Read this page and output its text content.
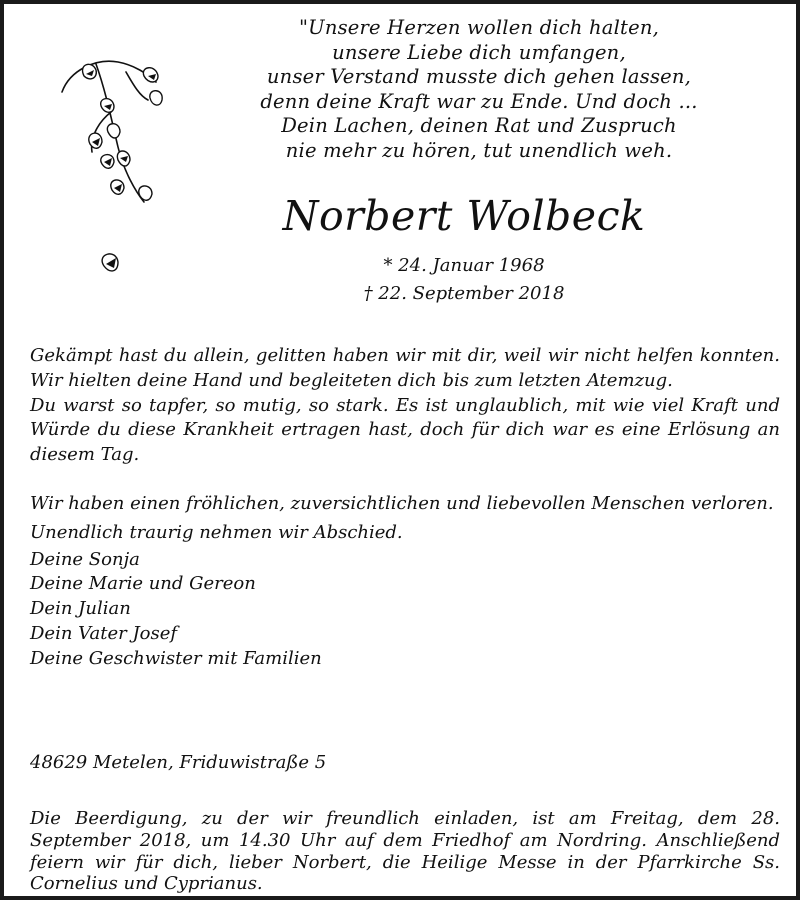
"Unsere Herzen wollen dich halten,
unsere Liebe dich umfangen,
unser Verstand musste dich gehen lassen,
denn deine Kraft war zu Ende. Und doch ...
Dein Lachen, deinen Rat und Zuspruch
nie mehr zu hören, tut unendlich weh.
Norbert Wolbeck
* 24. Januar 1968
† 22. September 2018

Gekämpt hast du allein, gelitten haben wir mit dir, weil wir nicht helfen konnten. Wir hielten deine Hand und begleiteten dich bis zum letzten Atemzug.

Du warst so tapfer, so mutig, so stark. Es ist unglaublich, mit wie viel Kraft und Würde du diese Krankheit ertragen hast, doch für dich war es eine Erlösung an diesem Tag.

Wir haben einen fröhlichen, zuversichtlichen und liebevollen Menschen verloren.

Unendlich traurig nehmen wir Abschied.

Deine Sonja
Deine Marie und Gereon
Dein Julian
Dein Vater Josef
Deine Geschwister mit Familien
48629 Metelen, Friduwistraße 5

Die Beerdigung, zu der wir freundlich einladen, ist am Freitag, dem 28. September 2018, um 14.30 Uhr auf dem Friedhof am Nordring. Anschließend feiern wir für dich, lieber Norbert, die Heilige Messe in der Pfarrkirche Ss. Cornelius und Cyprianus.
